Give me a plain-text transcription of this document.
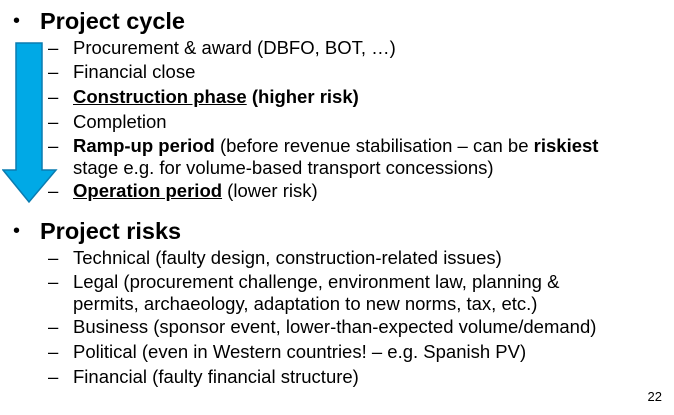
• Project cycle
– Procurement & award (DBFO, BOT, …)
– Financial close
– Construction phase (higher risk)
– Completion
– Ramp-up period (before revenue stabilisation – can be riskiest
stage e.g. for volume-based transport concessions)
– Operation period (lower risk)
• Project risks
– Technical (faulty design, construction-related issues)
– Legal (procurement challenge, environment law, planning &
permits, archaeology, adaptation to new norms, tax, etc.)
– Business (sponsor event, lower-than-expected volume/demand)
– Political (even in Western countries! – e.g. Spanish PV)
– Financial (faulty financial structure)
22
